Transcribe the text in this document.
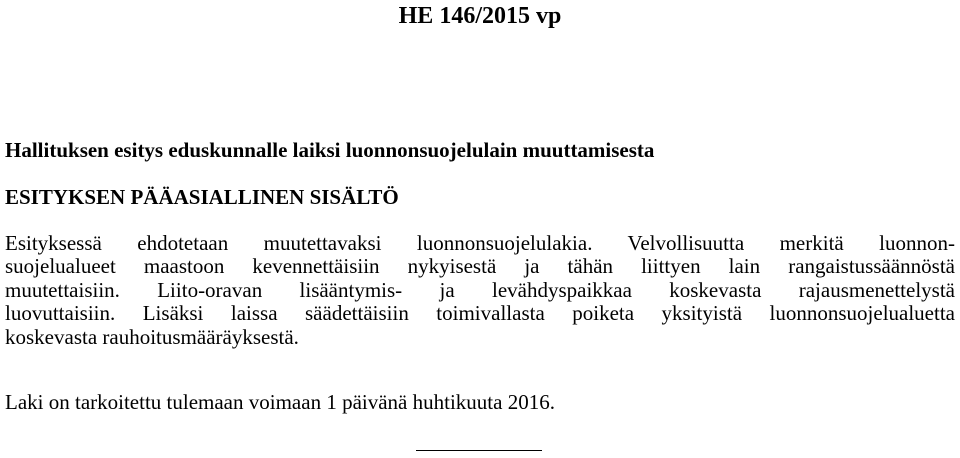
HE 146/2015 vp
Hallituksen esitys eduskunnalle laiksi luonnonsuojelulain muuttamisesta
ESITYKSEN PÄÄASIALLINEN SISÄLTÖ
Esityksessä ehdotetaan muutettavaksi luonnonsuojelulakia. Velvollisuutta merkitä luonnon-
suojelualueet maastoon kevennettäisiin nykyisestä ja tähän liittyen lain rangaistussäännöstä
muutettaisiin. Liito-oravan lisääntymis- ja levähdyspaikkaa koskevasta rajausmenettelystä
luovuttaisiin. Lisäksi laissa säädettäisiin toimivallasta poiketa yksityistä luonnonsuojelualuetta
koskevasta rauhoitusmääräyksestä.
Laki on tarkoitettu tulemaan voimaan 1 päivänä huhtikuuta 2016.
